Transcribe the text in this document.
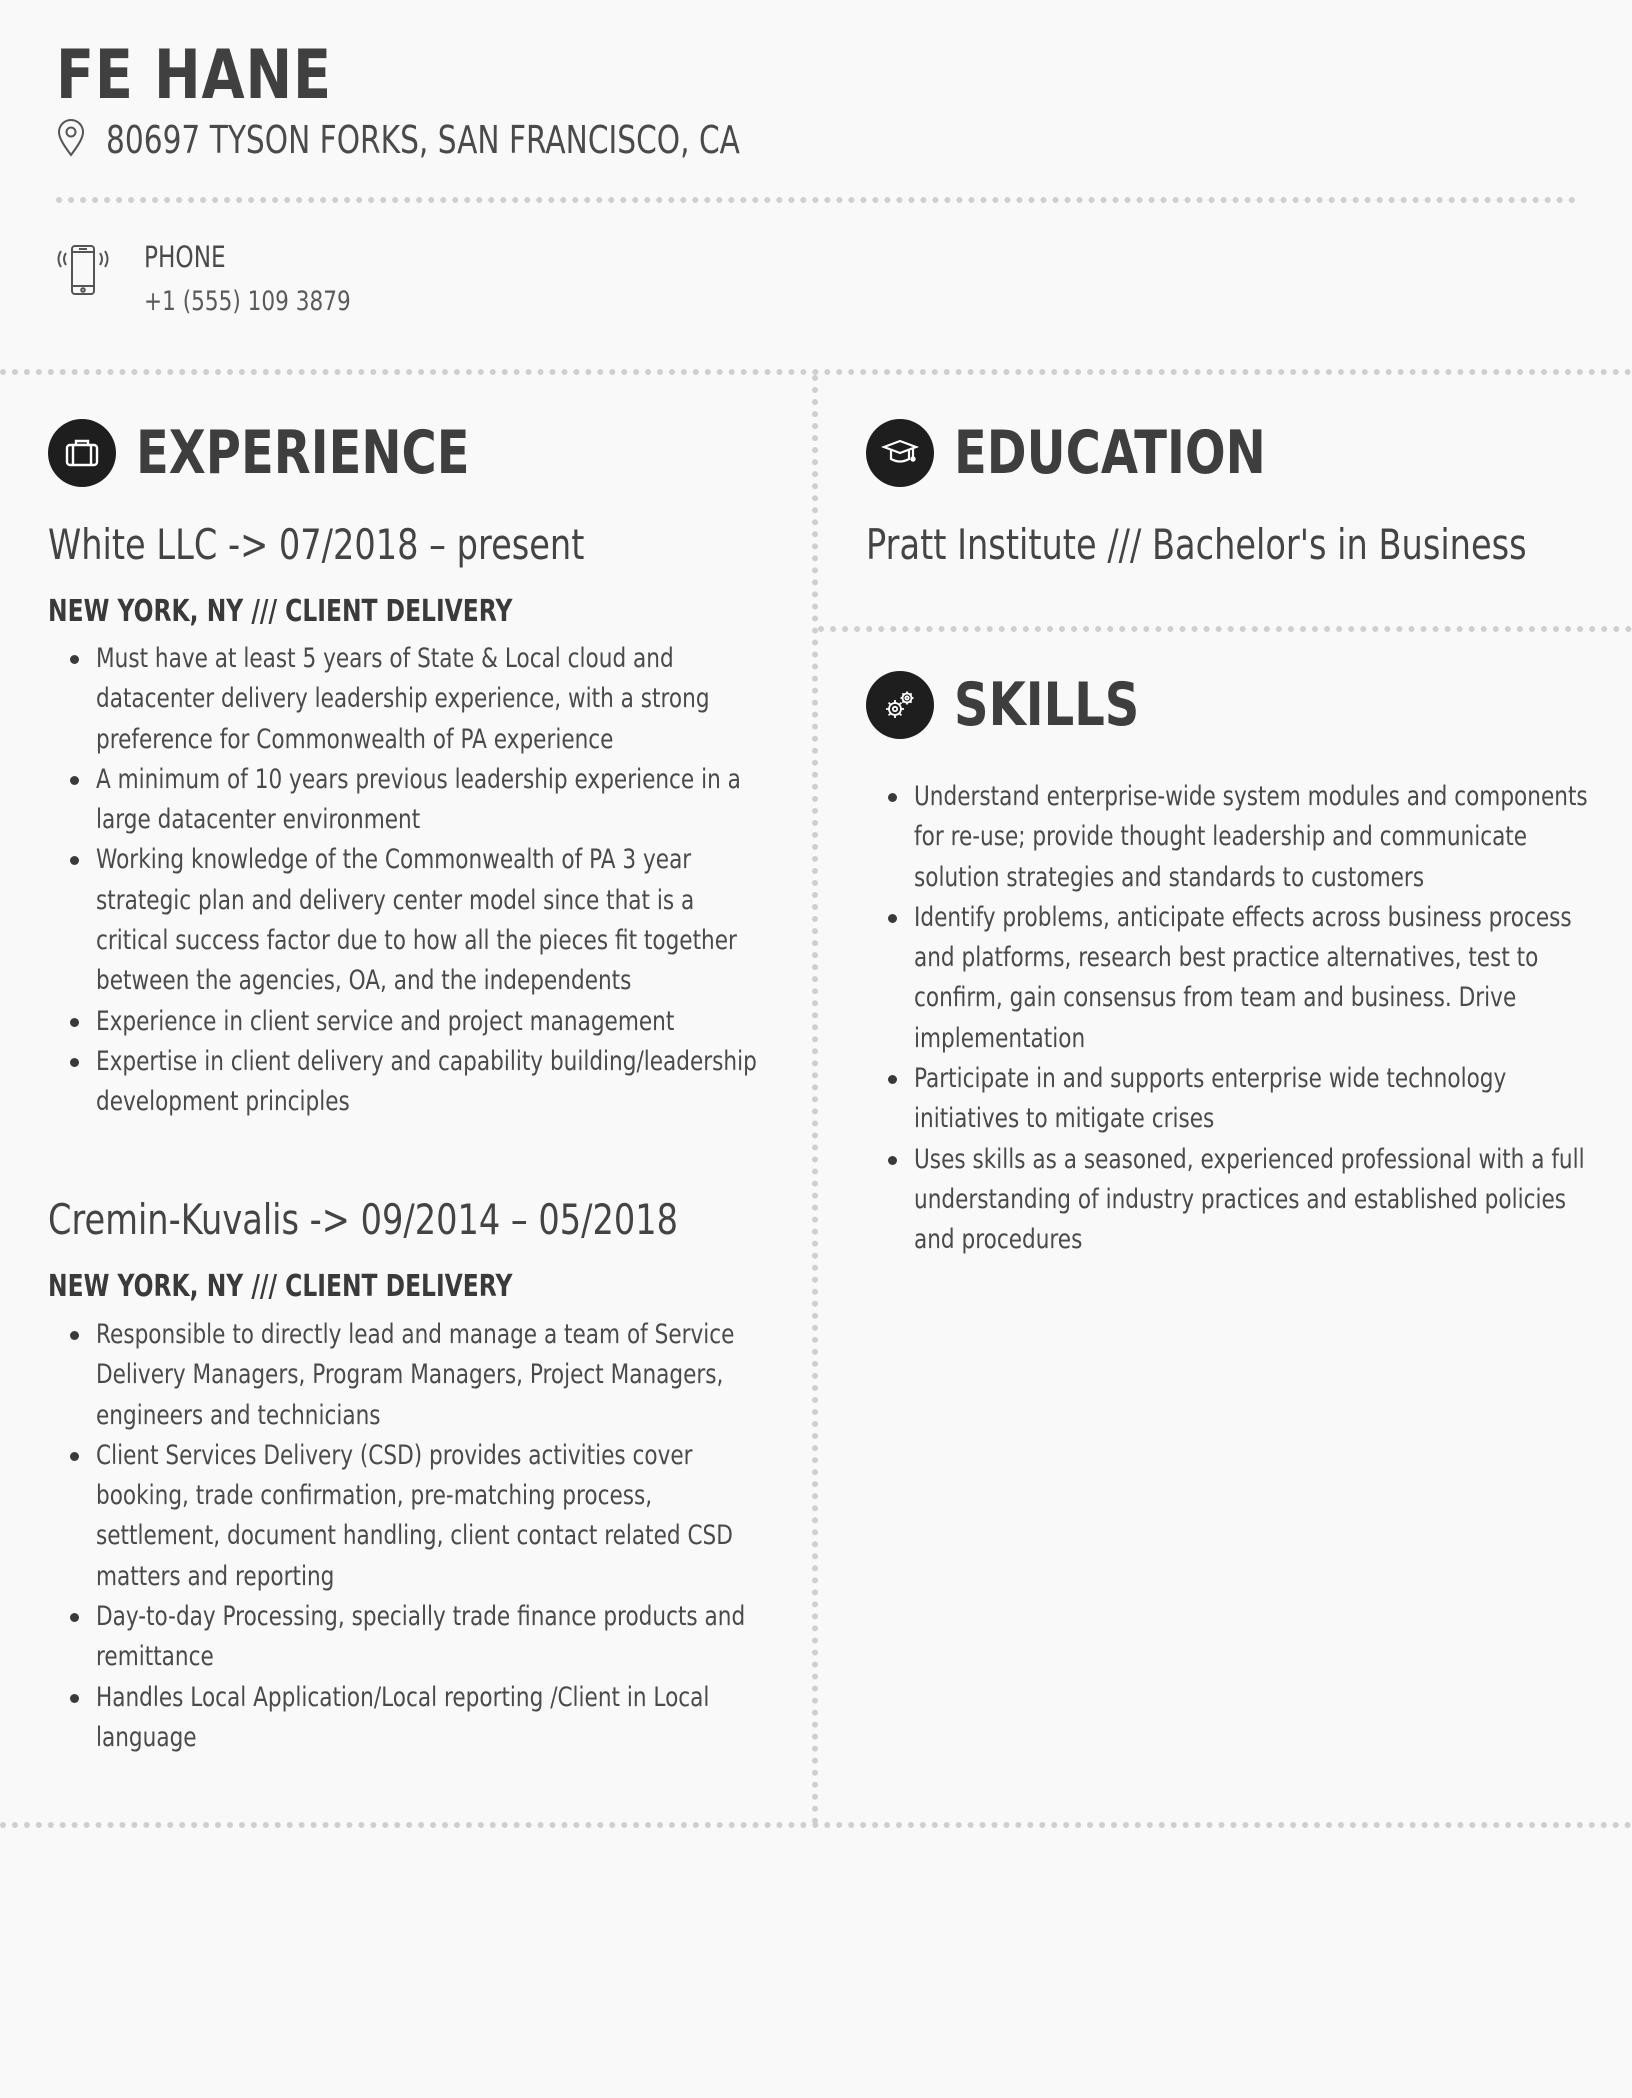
FE HANE
80697 TYSON FORKS, SAN FRANCISCO, CA
PHONE
+1 (555) 109 3879
EXPERIENCE
White LLC -> 07/2018 – present
NEW YORK, NY /// CLIENT DELIVERY
Must have at least 5 years of State & Local cloud and datacenter delivery leadership experience, with a strong preference for Commonwealth of PA experience
A minimum of 10 years previous leadership experience in a large datacenter environment
Working knowledge of the Commonwealth of PA 3 year strategic plan and delivery center model since that is a critical success factor due to how all the pieces fit together between the agencies, OA, and the independents
Experience in client service and project management
Expertise in client delivery and capability building/leadership development principles
Cremin-Kuvalis -> 09/2014 – 05/2018
NEW YORK, NY /// CLIENT DELIVERY
Responsible to directly lead and manage a team of Service Delivery Managers, Program Managers, Project Managers, engineers and technicians
Client Services Delivery (CSD) provides activities cover booking, trade confirmation, pre-matching process, settlement, document handling, client contact related CSD matters and reporting
Day-to-day Processing, specially trade finance products and remittance
Handles Local Application/Local reporting /Client in Local language
EDUCATION
Pratt Institute /// Bachelor's in Business
SKILLS
Understand enterprise-wide system modules and components for re-use; provide thought leadership and communicate solution strategies and standards to customers
Identify problems, anticipate effects across business process and platforms, research best practice alternatives, test to confirm, gain consensus from team and business. Drive implementation
Participate in and supports enterprise wide technology initiatives to mitigate crises
Uses skills as a seasoned, experienced professional with a full understanding of industry practices and established policies and procedures
